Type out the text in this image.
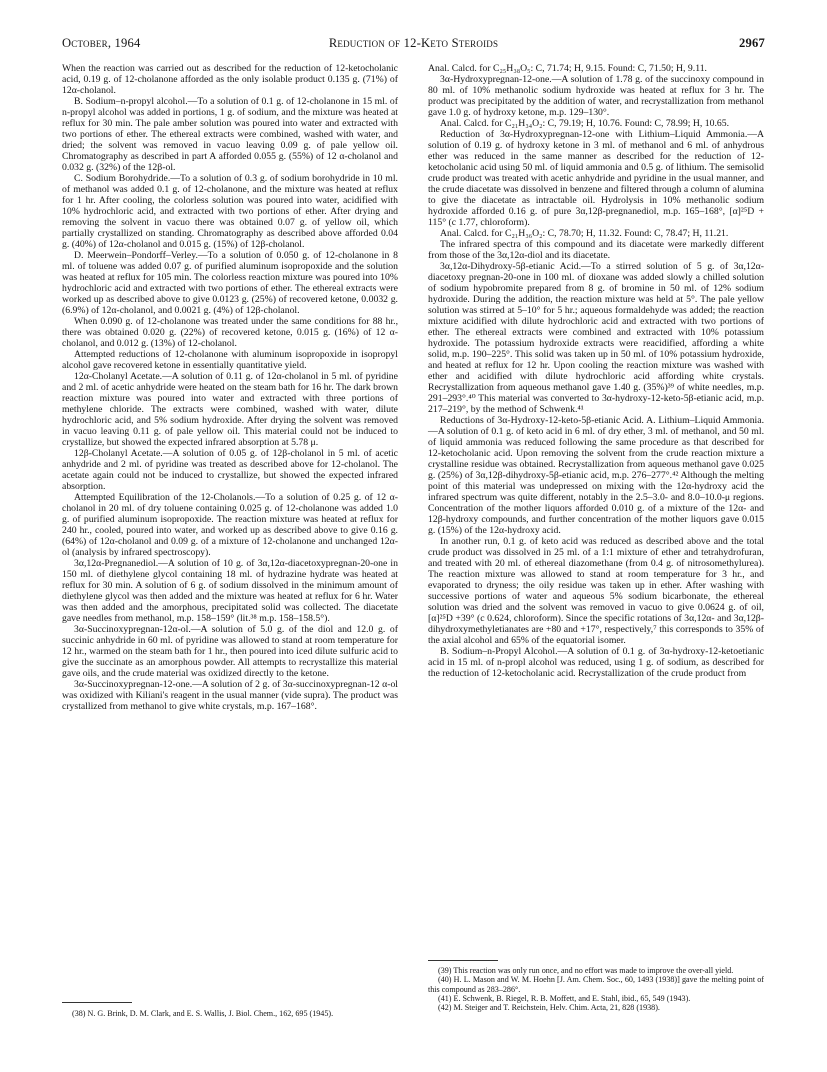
October, 1964	Reduction of 12-Keto Steroids	2967

When the reaction was carried out as described for the reduction of 12-ketocholanic acid, 0.19 g. of 12-cholanone afforded as the only isolable product 0.135 g. (71%) of 12α-cholanol.

B. Sodium–n-propyl alcohol.—To a solution of 0.1 g. of 12-cholanone in 15 ml. of n-propyl alcohol was added in portions, 1 g. of sodium, and the mixture was heated at reflux for 30 min. The pale amber solution was poured into water and extracted with two portions of ether. The ethereal extracts were combined, washed with water, and dried; the solvent was removed in vacuo leaving 0.09 g. of pale yellow oil. Chromatography as described in part A afforded 0.055 g. (55%) of 12 α-cholanol and 0.032 g. (32%) of the 12β-ol.

C. Sodium Borohydride.—To a solution of 0.3 g. of sodium borohydride in 10 ml. of methanol was added 0.1 g. of 12-cholanone, and the mixture was heated at reflux for 1 hr. After cooling, the colorless solution was poured into water, acidified with 10% hydrochloric acid, and extracted with two portions of ether. After drying and removing the solvent in vacuo there was obtained 0.07 g. of yellow oil, which partially crystallized on standing. Chromatography as described above afforded 0.04 g. (40%) of 12α-cholanol and 0.015 g. (15%) of 12β-cholanol.

D. Meerwein–Pondorff–Verley.—To a solution of 0.050 g. of 12-cholanone in 8 ml. of toluene was added 0.07 g. of purified aluminum isopropoxide and the solution was heated at reflux for 105 min. The colorless reaction mixture was poured into 10% hydrochloric acid and extracted with two portions of ether. The ethereal extracts were worked up as described above to give 0.0123 g. (25%) of recovered ketone, 0.0032 g. (6.9%) of 12α-cholanol, and 0.0021 g. (4%) of 12β-cholanol.

When 0.090 g. of 12-cholanone was treated under the same conditions for 88 hr., there was obtained 0.020 g. (22%) of recovered ketone, 0.015 g. (16%) of 12 α-cholanol, and 0.012 g. (13%) of 12-cholanol.

Attempted reductions of 12-cholanone with aluminum isopropoxide in isopropyl alcohol gave recovered ketone in essentially quantitative yield.

12α-Cholanyl Acetate.—A solution of 0.11 g. of 12α-cholanol in 5 ml. of pyridine and 2 ml. of acetic anhydride were heated on the steam bath for 16 hr. The dark brown reaction mixture was poured into water and extracted with three portions of methylene chloride. The extracts were combined, washed with water, dilute hydrochloric acid, and 5% sodium hydroxide. After drying the solvent was removed in vacuo leaving 0.11 g. of pale yellow oil. This material could not be induced to crystallize, but showed the expected infrared absorption at 5.78 μ.

12β-Cholanyl Acetate.—A solution of 0.05 g. of 12β-cholanol in 5 ml. of acetic anhydride and 2 ml. of pyridine was treated as described above for 12-cholanol. The acetate again could not be induced to crystallize, but showed the expected infrared absorption.

Attempted Equilibration of the 12-Cholanols.—To a solution of 0.25 g. of 12 α-cholanol in 20 ml. of dry toluene containing 0.025 g. of 12-cholanone was added 1.0 g. of purified aluminum isopropoxide. The reaction mixture was heated at reflux for 240 hr., cooled, poured into water, and worked up as described above to give 0.16 g. (64%) of 12α-cholanol and 0.09 g. of a mixture of 12-cholanone and unchanged 12α-ol (analysis by infrared spectroscopy).

3α,12α-Pregnanediol.—A solution of 10 g. of 3α,12α-diacetoxypregnan-20-one in 150 ml. of diethylene glycol containing 18 ml. of hydrazine hydrate was heated at reflux for 30 min. A solution of 6 g. of sodium dissolved in the minimum amount of diethylene glycol was then added and the mixture was heated at reflux for 6 hr. Water was then added and the amorphous, precipitated solid was collected. The diacetate gave needles from methanol, m.p. 158–159° (lit.³⁸ m.p. 158–158.5°).

3α-Succinoxypregnan-12α-ol.—A solution of 5.0 g. of the diol and 12.0 g. of succinic anhydride in 60 ml. of pyridine was allowed to stand at room temperature for 12 hr., warmed on the steam bath for 1 hr., then poured into iced dilute sulfuric acid to give the succinate as an amorphous powder. All attempts to recrystallize this material gave oils, and the crude material was oxidized directly to the ketone.

3α-Succinoxypregnan-12-one.—A solution of 2 g. of 3α-succinoxypregnan-12 α-ol was oxidized with Kiliani's reagent in the usual manner (vide supra). The product was crystallized from methanol to give white crystals, m.p. 167–168°.

(38) N. G. Brink, D. M. Clark, and E. S. Wallis, J. Biol. Chem., 162, 695 (1945).

Anal. Calcd. for C₂₅H₃₈O₅: C, 71.74; H, 9.15. Found: C, 71.50; H, 9.11.

3α-Hydroxypregnan-12-one.—A solution of 1.78 g. of the succinoxy compound in 80 ml. of 10% methanolic sodium hydroxide was heated at reflux for 3 hr. The product was precipitated by the addition of water, and recrystallization from methanol gave 1.0 g. of hydroxy ketone, m.p. 129–130°.

Anal. Calcd. for C₂₁H₃₄O₂: C, 79.19; H, 10.76. Found: C, 78.99; H, 10.65.

Reduction of 3α-Hydroxypregnan-12-one with Lithium–Liquid Ammonia.—A solution of 0.19 g. of hydroxy ketone in 3 ml. of methanol and 6 ml. of anhydrous ether was reduced in the same manner as described for the reduction of 12-ketocholanic acid using 50 ml. of liquid ammonia and 0.5 g. of lithium. The semisolid crude product was treated with acetic anhydride and pyridine in the usual manner, and the crude diacetate was dissolved in benzene and filtered through a column of alumina to give the diacetate as intractable oil. Hydrolysis in 10% methanolic sodium hydroxide afforded 0.16 g. of pure 3α,12β-pregnanediol, m.p. 165–168°, [α]²⁵D + 115° (c 1.77, chloroform).

Anal. Calcd. for C₂₁H₃₆O₂: C, 78.70; H, 11.32. Found: C, 78.47; H, 11.21.

The infrared spectra of this compound and its diacetate were markedly different from those of the 3α,12α-diol and its diacetate.

3α,12α-Dihydroxy-5β-etianic Acid.—To a stirred solution of 5 g. of 3α,12α-diacetoxy pregnan-20-one in 100 ml. of dioxane was added slowly a chilled solution of sodium hypobromite prepared from 8 g. of bromine in 50 ml. of 12% sodium hydroxide. During the addition, the reaction mixture was held at 5°. The pale yellow solution was stirred at 5–10° for 5 hr.; aqueous formaldehyde was added; the reaction mixture acidified with dilute hydrochloric acid and extracted with two portions of ether. The ethereal extracts were combined and extracted with 10% potassium hydroxide. The potassium hydroxide extracts were reacidified, affording a white solid, m.p. 190–225°. This solid was taken up in 50 ml. of 10% potassium hydroxide, and heated at reflux for 12 hr. Upon cooling the reaction mixture was washed with ether and acidified with dilute hydrochloric acid affording white crystals. Recrystallization from aqueous methanol gave 1.40 g. (35%)³⁹ of white needles, m.p. 291–293°.⁴⁰ This material was converted to 3α-hydroxy-12-keto-5β-etianic acid, m.p. 217–219°, by the method of Schwenk.⁴¹

Reductions of 3α-Hydroxy-12-keto-5β-etianic Acid. A. Lithium–Liquid Ammonia.—A solution of 0.1 g. of keto acid in 6 ml. of dry ether, 3 ml. of methanol, and 50 ml. of liquid ammonia was reduced following the same procedure as that described for 12-ketocholanic acid. Upon removing the solvent from the crude reaction mixture a crystalline residue was obtained. Recrystallization from aqueous methanol gave 0.025 g. (25%) of 3α,12β-dihydroxy-5β-etianic acid, m.p. 276–277°.⁴² Although the melting point of this material was undepressed on mixing with the 12α-hydroxy acid the infrared spectrum was quite different, notably in the 2.5–3.0- and 8.0–10.0-μ regions. Concentration of the mother liquors afforded 0.010 g. of a mixture of the 12α- and 12β-hydroxy compounds, and further concentration of the mother liquors gave 0.015 g. (15%) of the 12α-hydroxy acid.

In another run, 0.1 g. of keto acid was reduced as described above and the total crude product was dissolved in 25 ml. of a 1:1 mixture of ether and tetrahydrofuran, and treated with 20 ml. of ethereal diazomethane (from 0.4 g. of nitrosomethylurea). The reaction mixture was allowed to stand at room temperature for 3 hr., and evaporated to dryness; the oily residue was taken up in ether. After washing with successive portions of water and aqueous 5% sodium bicarbonate, the ethereal solution was dried and the solvent was removed in vacuo to give 0.0624 g. of oil, [α]²⁵D +39° (c 0.624, chloroform). Since the specific rotations of 3α,12α- and 3α,12β-dihydroxymethyletianates are +80 and +17°, respectively,⁷ this corresponds to 35% of the axial alcohol and 65% of the equatorial isomer.

B. Sodium–n-Propyl Alcohol.—A solution of 0.1 g. of 3α-hydroxy-12-ketoetianic acid in 15 ml. of n-propl alcohol was reduced, using 1 g. of sodium, as described for the reduction of 12-ketocholanic acid. Recrystallization of the crude product from

(39) This reaction was only run once, and no effort was made to improve the over-all yield.

(40) H. L. Mason and W. M. Hoehn [J. Am. Chem. Soc., 60, 1493 (1938)] gave the melting point of this compound as 283–286°.

(41) E. Schwenk, B. Riegel, R. B. Moffett, and E. Stahl, ibid., 65, 549 (1943).

(42) M. Steiger and T. Reichstein, Helv. Chim. Acta, 21, 828 (1938).
